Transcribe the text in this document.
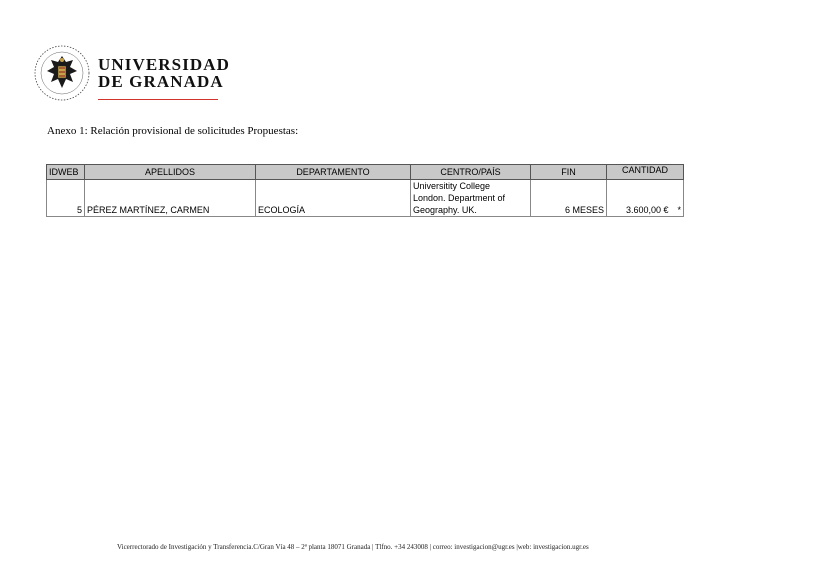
UNIVERSIDAD
DE GRANADA
Anexo 1: Relación provisional de solicitudes Propuestas:
IDWEB	APELLIDOS	DEPARTAMENTO	CENTRO/PAÍS	FIN	CANTIDAD
5	PÉREZ MARTÍNEZ, CARMEN	ECOLOGÍA	Universitity College
London. Department of
Geography. UK.	6 MESES	3.600,00 € *
Vicerrectorado de Investigación y Transferencia.C/Gran Vía 48 – 2ª planta 18071 Granada | Tlfno. +34 243008 | correo: investigacion@ugr.es |web: investigacion.ugr.es
